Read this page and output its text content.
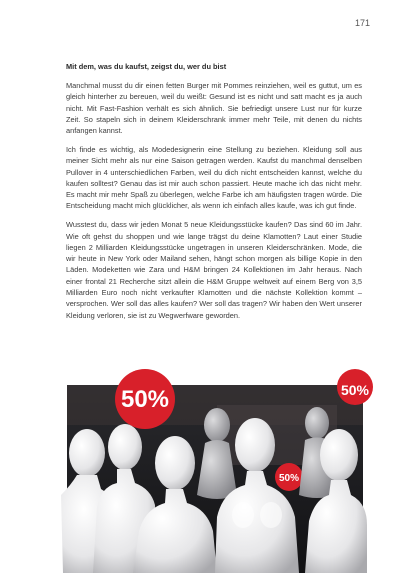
171

Mit dem, was du kaufst, zeigst du, wer du bist

Manchmal musst du dir einen fetten Burger mit Pommes reinziehen, weil es guttut, um es gleich hinterher zu bereuen, weil du weißt: Gesund ist es nicht und satt macht es ja auch nicht. Mit Fast-Fashion verhält es sich ähnlich. Sie befriedigt unsere Lust nur für kurze Zeit. So stapeln sich in deinem Kleiderschrank immer mehr Teile, mit denen du nichts anfangen kannst.

Ich finde es wichtig, als Modedesignerin eine Stellung zu beziehen. Kleidung soll aus meiner Sicht mehr als nur eine Saison getragen werden. Kaufst du manchmal denselben Pullover in 4 unterschiedlichen Farben, weil du dich nicht entscheiden kannst, welche du kaufen solltest? Genau das ist mir auch schon passiert. Heute mache ich das nicht mehr. Es macht mir mehr Spaß zu überlegen, welche Farbe ich am häufigsten tragen würde. Die Entscheidung macht mich glücklicher, als wenn ich einfach alles kaufe, was ich gut finde.

Wusstest du, dass wir jeden Monat 5 neue Kleidungsstücke kaufen? Das sind 60 im Jahr. Wie oft gehst du shoppen und wie lange trägst du deine Klamotten? Laut einer Studie liegen 2 Milliarden Kleidungsstücke ungetragen in unseren Kleiderschränken. Mode, die wir heute in New York oder Mailand sehen, hängt schon morgen als billige Kopie in den Läden. Modeketten wie Zara und H&M bringen 24 Kollektionen im Jahr heraus. Nach einer frontal 21 Recherche sitzt allein die H&M Gruppe weltweit auf einem Berg von 3,5 Milliarden Euro noch nicht verkaufter Klamotten und die nächste Kollektion kommt – versprochen. Wer soll das alles kaufen? Wer soll das tragen? Wir haben den Wert unserer Kleidung verloren, sie ist zu Wegwerfware geworden.

50%
50%
50%
